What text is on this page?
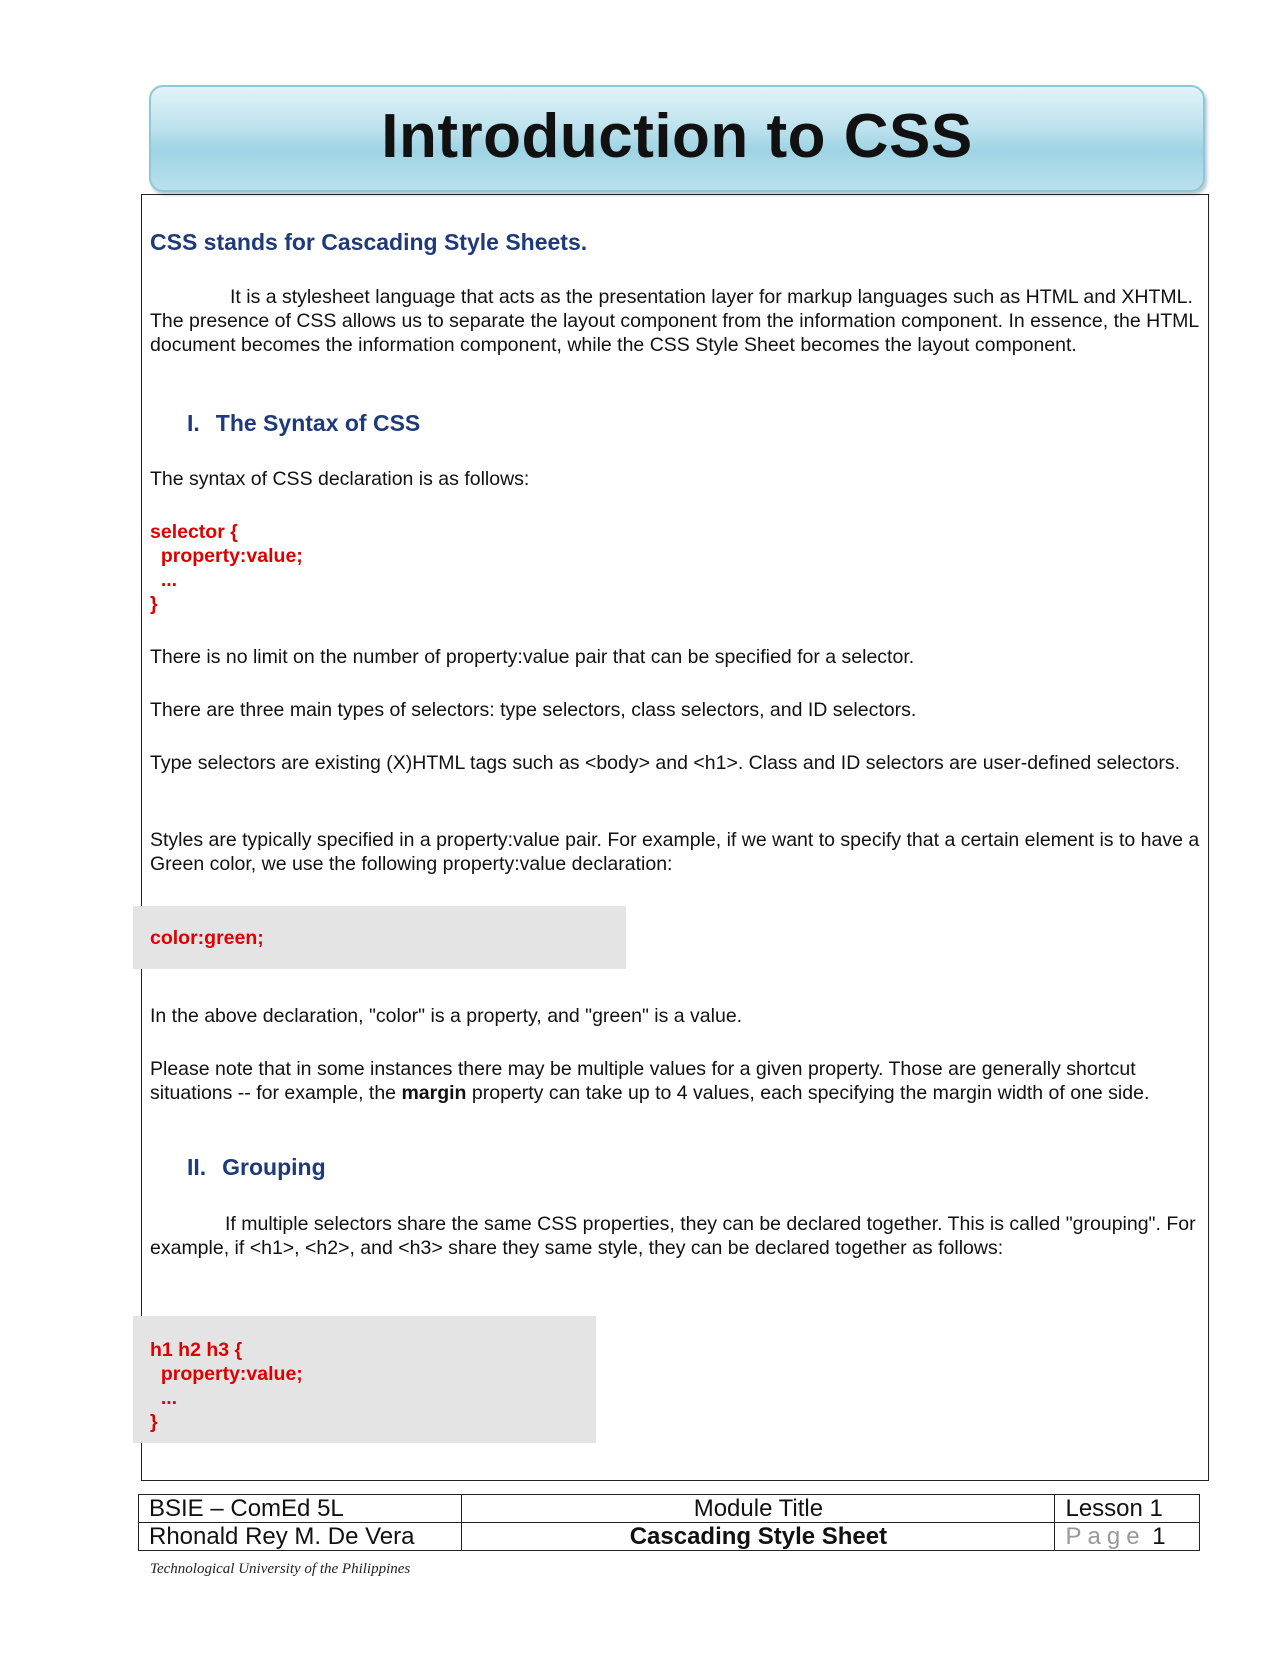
Introduction to CSS

CSS stands for Cascading Style Sheets.

It is a stylesheet language that acts as the presentation layer for markup languages such as HTML and XHTML. The presence of CSS allows us to separate the layout component from the information component. In essence, the HTML document becomes the information component, while the CSS Style Sheet becomes the layout component.

I. The Syntax of CSS

The syntax of CSS declaration is as follows:

selector {
property:value;
...
}

There is no limit on the number of property:value pair that can be specified for a selector.

There are three main types of selectors: type selectors, class selectors, and ID selectors.

Type selectors are existing (X)HTML tags such as <body> and <h1>. Class and ID selectors are user-defined selectors.

Styles are typically specified in a property:value pair. For example, if we want to specify that a certain element is to have a Green color, we use the following property:value declaration:

color:green;

In the above declaration, "color" is a property, and "green" is a value.

Please note that in some instances there may be multiple values for a given property. Those are generally shortcut situations -- for example, the margin property can take up to 4 values, each specifying the margin width of one side.

II. Grouping

If multiple selectors share the same CSS properties, they can be declared together. This is called "grouping". For example, if <h1>, <h2>, and <h3> share they same style, they can be declared together as follows:

h1 h2 h3 {
property:value;
...
}
BSIE – ComEd 5L	Module Title	Lesson 1
Rhonald Rey M. De Vera	Cascading Style Sheet	Page 1
Technological University of the Philippines
